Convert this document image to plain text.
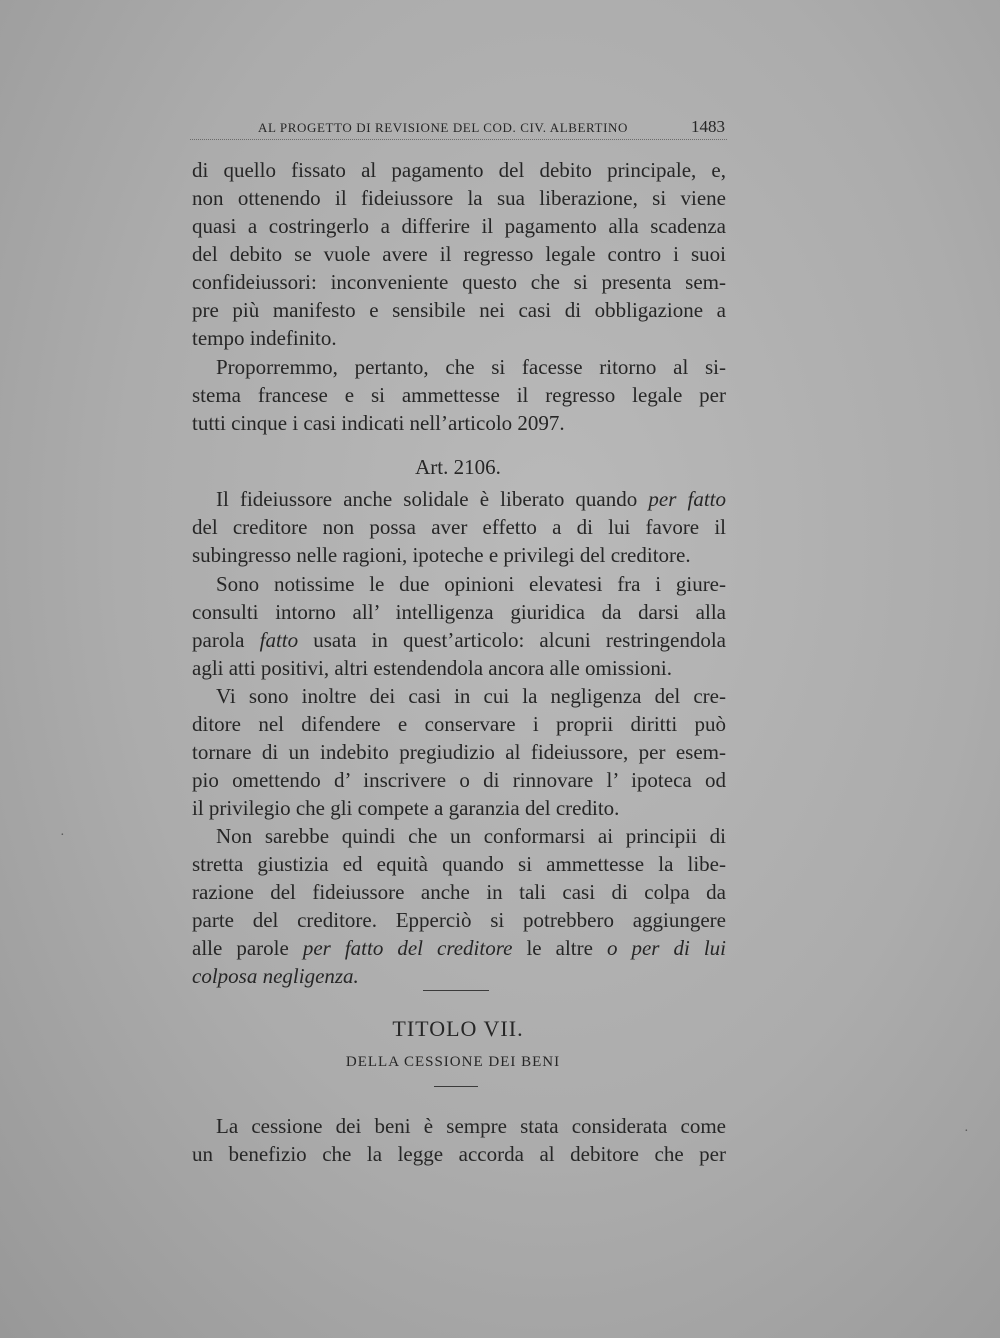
AL PROGETTO DI REVISIONE DEL COD. CIV. ALBERTINO	1483
di quello fissato al pagamento del debito principale, e,
non ottenendo il fideiussore la sua liberazione, si viene
quasi a costringerlo a differire il pagamento alla scadenza
del debito se vuole avere il regresso legale contro i suoi
confideiussori: inconveniente questo che si presenta sem-
pre più manifesto e sensibile nei casi di obbligazione a
tempo indefinito.
Proporremmo, pertanto, che si facesse ritorno al si-
stema francese e si ammettesse il regresso legale per
tutti cinque i casi indicati nell’articolo 2097.
Art. 2106.
Il fideiussore anche solidale è liberato quando per fatto
del creditore non possa aver effetto a di lui favore il
subingresso nelle ragioni, ipoteche e privilegi del creditore.
Sono notissime le due opinioni elevatesi fra i giure-
consulti intorno all’ intelligenza giuridica da darsi alla
parola fatto usata in quest’articolo: alcuni restringendola
agli atti positivi, altri estendendola ancora alle omissioni.
Vi sono inoltre dei casi in cui la negligenza del cre-
ditore nel difendere e conservare i proprii diritti può
tornare di un indebito pregiudizio al fideiussore, per esem-
pio omettendo d’ inscrivere o di rinnovare l’ ipoteca od
il privilegio che gli compete a garanzia del credito.
Non sarebbe quindi che un conformarsi ai principii di
stretta giustizia ed equità quando si ammettesse la libe-
razione del fideiussore anche in tali casi di colpa da
parte del creditore. Epperciò si potrebbero aggiungere
alle parole per fatto del creditore le altre o per di lui
colposa negligenza.
TITOLO VII.
DELLA CESSIONE DEI BENI
La cessione dei beni è sempre stata considerata come
un benefizio che la legge accorda al debitore che per
·
·
